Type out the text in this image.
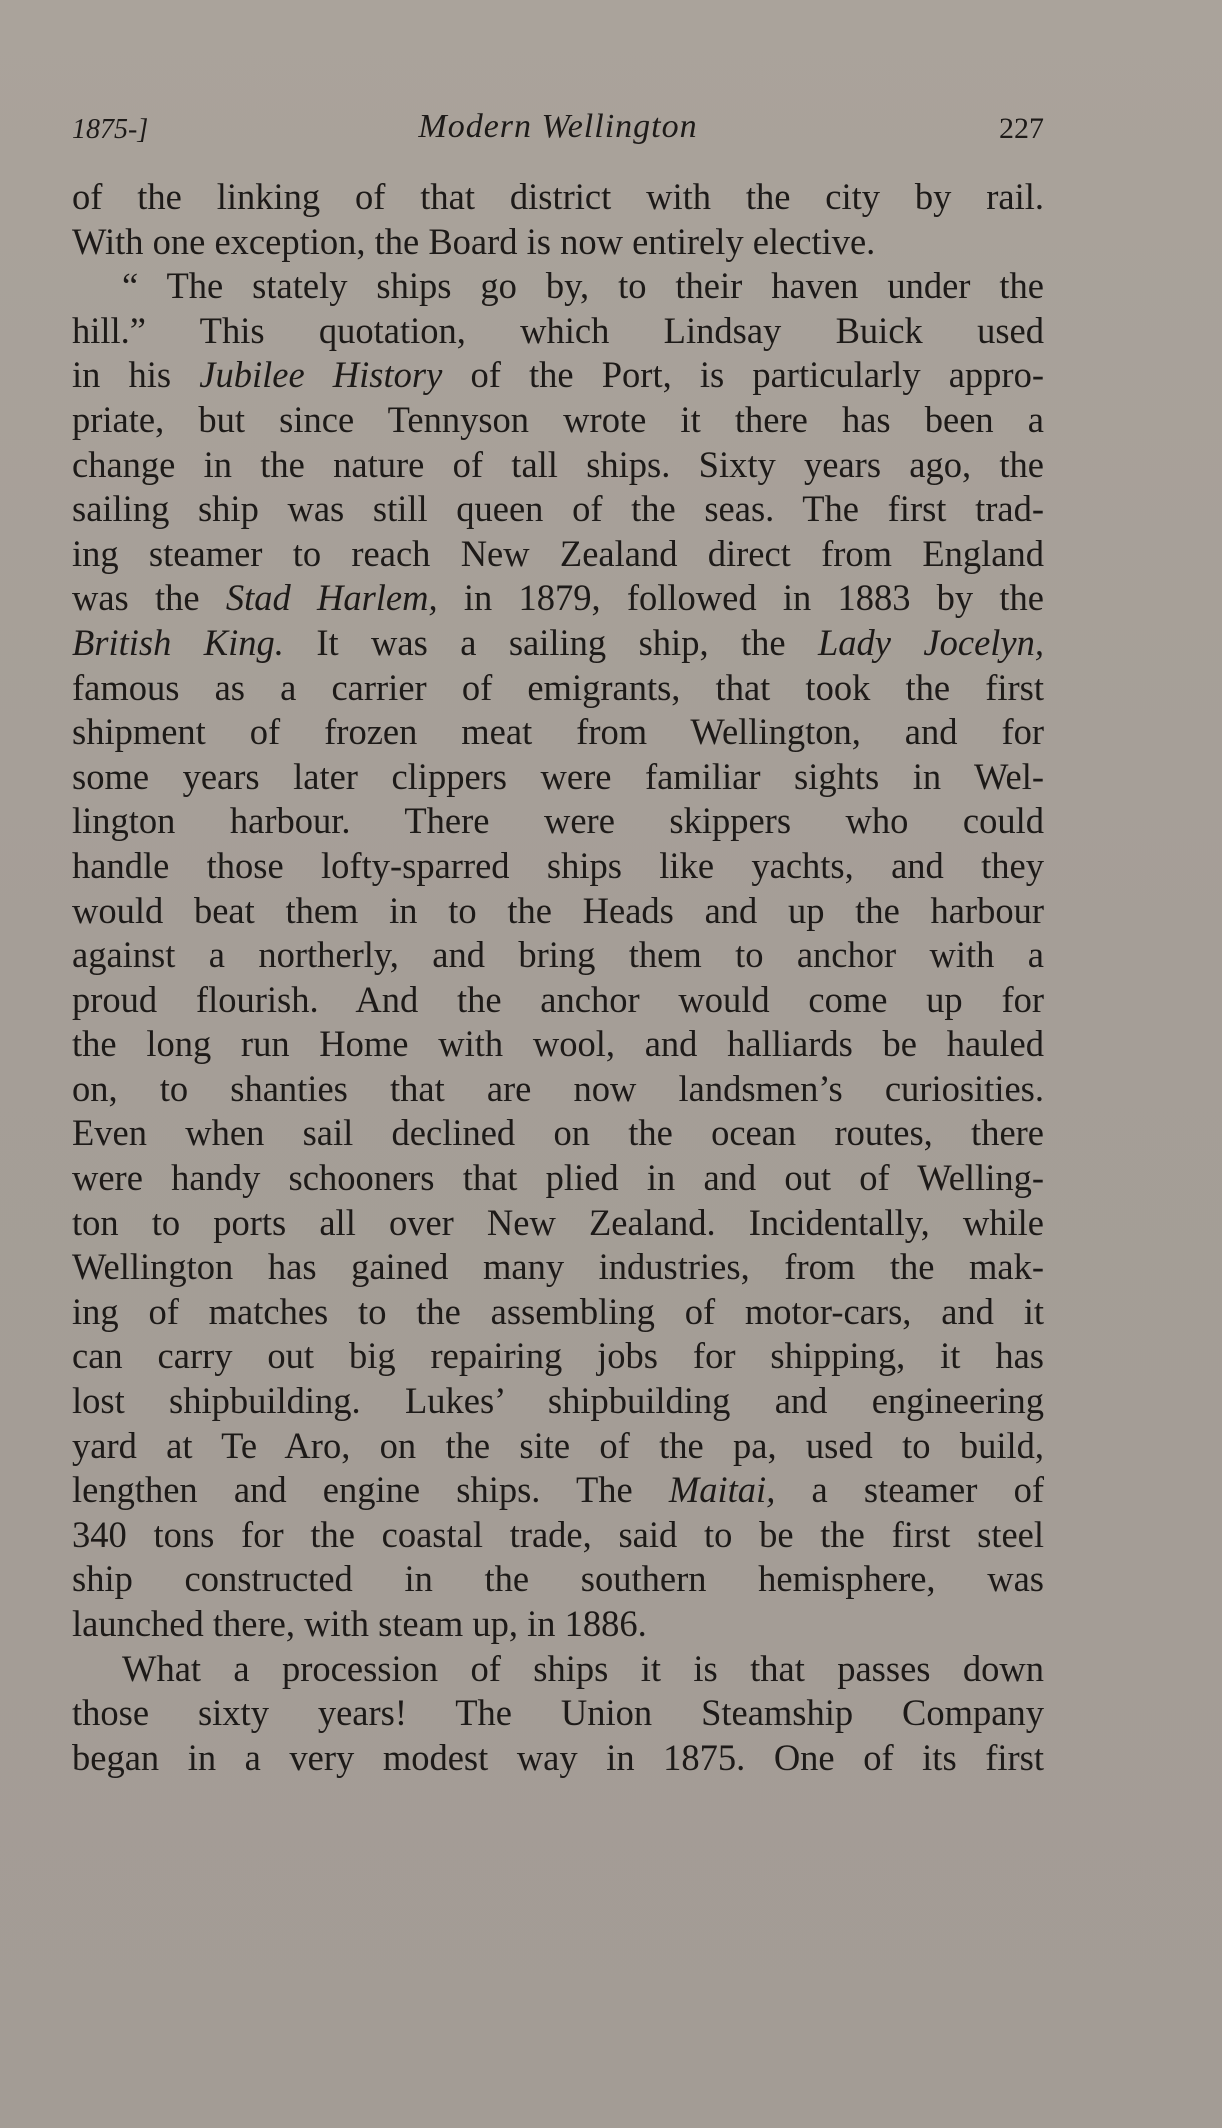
1875-]	Modern Wellington	227
of the linking of that district with the city by rail.
With one exception, the Board is now entirely elective.
“ The stately ships go by, to their haven under the
hill.” This quotation, which Lindsay Buick used
in his Jubilee History of the Port, is particularly appro-
priate, but since Tennyson wrote it there has been a
change in the nature of tall ships. Sixty years ago, the
sailing ship was still queen of the seas. The first trad-
ing steamer to reach New Zealand direct from England
was the Stad Harlem, in 1879, followed in 1883 by the
British King. It was a sailing ship, the Lady Jocelyn,
famous as a carrier of emigrants, that took the first
shipment of frozen meat from Wellington, and for
some years later clippers were familiar sights in Wel-
lington harbour. There were skippers who could
handle those lofty-sparred ships like yachts, and they
would beat them in to the Heads and up the harbour
against a northerly, and bring them to anchor with a
proud flourish. And the anchor would come up for
the long run Home with wool, and halliards be hauled
on, to shanties that are now landsmen’s curiosities.
Even when sail declined on the ocean routes, there
were handy schooners that plied in and out of Welling-
ton to ports all over New Zealand. Incidentally, while
Wellington has gained many industries, from the mak-
ing of matches to the assembling of motor-cars, and it
can carry out big repairing jobs for shipping, it has
lost shipbuilding. Lukes’ shipbuilding and engineering
yard at Te Aro, on the site of the pa, used to build,
lengthen and engine ships. The Maitai, a steamer of
340 tons for the coastal trade, said to be the first steel
ship constructed in the southern hemisphere, was
launched there, with steam up, in 1886.
What a procession of ships it is that passes down
those sixty years! The Union Steamship Company
began in a very modest way in 1875. One of its first
